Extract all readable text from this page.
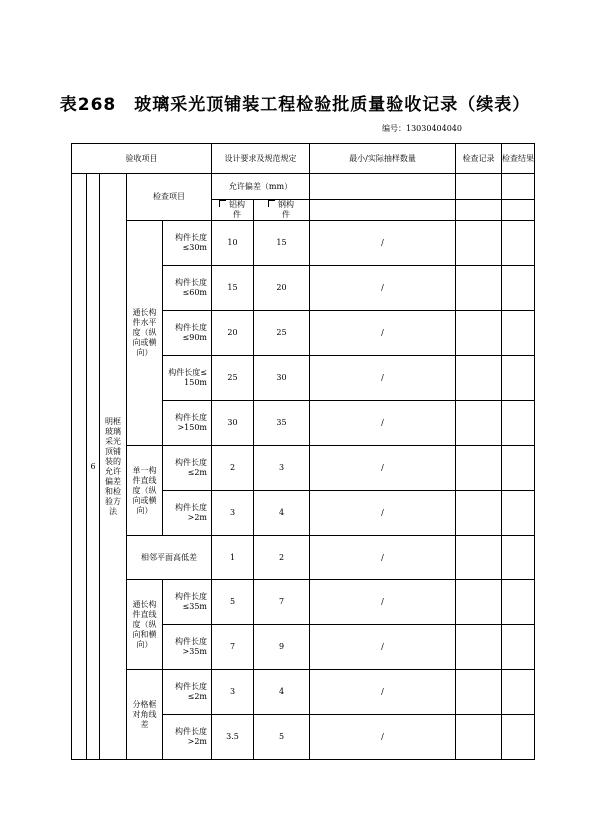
表268　玻璃采光顶铺装工程检验批质量验收记录（续表）
编号：13030404040
验收项目					设计要求及规范规定		最小/实际抽样数量	检查记录	检查结果
	6	明框玻璃采光顶铺装的允许偏差和检验方法	检查项目		允许偏差（mm）				
					铝构件	钢构件			
			通长构件水平度（纵向或横向）	构件长度≤30m	10	15	/		
				构件长度≤60m	15	20	/		
				构件长度≤90m	20	25	/		
				构件长度≤ 150m	25	30	/		
				构件长度>150m	30	35	/		
			单一构件直线度（纵向或横向）	构件长度≤2m	2	3	/		
				构件长度>2m	3	4	/		
			相邻平面高低差		1	2	/		
			通长构件直线度（纵向和横向）	构件长度≤35m	5	7	/		
				构件长度>35m	7	9	/		
			分格框对角线差	构件长度≤2m	3	4	/		
				构件长度>2m	3.5	5	/		
